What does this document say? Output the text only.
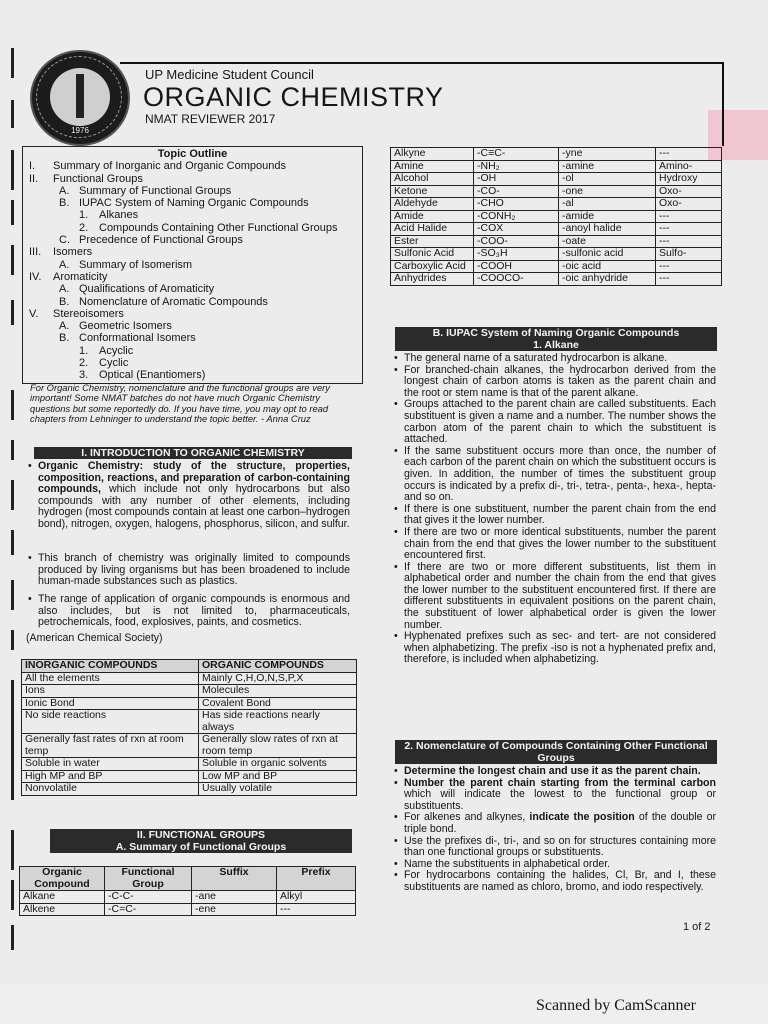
1976
UP Medicine Student Council
ORGANIC CHEMISTRY
NMAT REVIEWER 2017
Topic Outline
I. Summary of Inorganic and Organic Compounds
II. Functional Groups
A. Summary of Functional Groups
B. IUPAC System of Naming Organic Compounds
1. Alkanes
2. Compounds Containing Other Functional Groups
C. Precedence of Functional Groups
III. Isomers
A. Summary of Isomerism
IV. Aromaticity
A. Qualifications of Aromaticity
B. Nomenclature of Aromatic Compounds
V. Stereoisomers
A. Geometric Isomers
B. Conformational Isomers
1. Acyclic
2. Cyclic
3. Optical (Enantiomers)
For Organic Chemistry, nomenclature and the functional groups are very important! Some NMAT batches do not have much Organic Chemistry questions but some reportedly do. If you have time, you may opt to read chapters from Lehninger to understand the topic better. - Anna Cruz
I. INTRODUCTION TO ORGANIC CHEMISTRY
• Organic Chemistry: study of the structure, properties, composition, reactions, and preparation of carbon-containing compounds, which include not only hydrocarbons but also compounds with any number of other elements, including hydrogen (most compounds contain at least one carbon–hydrogen bond), nitrogen, oxygen, halogens, phosphorus, silicon, and sulfur.
• This branch of chemistry was originally limited to compounds produced by living organisms but has been broadened to include human-made substances such as plastics.
• The range of application of organic compounds is enormous and also includes, but is not limited to, pharmaceuticals, petrochemicals, food, explosives, paints, and cosmetics.
(American Chemical Society)
INORGANIC COMPOUNDS	ORGANIC COMPOUNDS
All the elements	Mainly C,H,O,N,S,P,X
Ions	Molecules
Ionic Bond	Covalent Bond
No side reactions	Has side reactions nearly always
Generally fast rates of rxn at room temp	Generally slow rates of rxn at room temp
Soluble in water	Soluble in organic solvents
High MP and BP	Low MP and BP
Nonvolatile	Usually volatile
II. FUNCTIONAL GROUPS
A. Summary of Functional Groups
Organic Compound	Functional Group	Suffix	Prefix
Alkane	-C-C-	-ane	Alkyl
Alkene	-C=C-	-ene	---
Alkyne	-C≡C-	-yne	---
Amine	-NH₂	-amine	Amino-
Alcohol	-OH	-ol	Hydroxy
Ketone	-CO-	-one	Oxo-
Aldehyde	-CHO	-al	Oxo-
Amide	-CONH₂	-amide	---
Acid Halide	-COX	-anoyl halide	---
Ester	-COO-	-oate	---
Sulfonic Acid	-SO₃H	-sulfonic acid	Sulfo-
Carboxylic Acid	-COOH	-oic acid	---
Anhydrides	-COOCO-	-oic anhydride	---
B. IUPAC System of Naming Organic Compounds
1. Alkane
• The general name of a saturated hydrocarbon is alkane.
• For branched-chain alkanes, the hydrocarbon derived from the longest chain of carbon atoms is taken as the parent chain and the root or stem name is that of the parent alkane.
• Groups attached to the parent chain are called substituents. Each substituent is given a name and a number. The number shows the carbon atom of the parent chain to which the substituent is attached.
• If the same substituent occurs more than once, the number of each carbon of the parent chain on which the substituent occurs is given. In addition, the number of times the substituent group occurs is indicated by a prefix di-, tri-, tetra-, penta-, hexa-, hepta- and so on.
• If there is one substituent, number the parent chain from the end that gives it the lower number.
• If there are two or more identical substituents, number the parent chain from the end that gives the lower number to the substituent encountered first.
• If there are two or more different substituents, list them in alphabetical order and number the chain from the end that gives the lower number to the substituent encountered first. If there are different substituents in equivalent positions on the parent chain, the substituent of lower alphabetical order is given the lower number.
• Hyphenated prefixes such as sec- and tert- are not considered when alphabetizing. The prefix -iso is not a hyphenated prefix and, therefore, is included when alphabetizing.
2. Nomenclature of Compounds Containing Other Functional Groups
• Determine the longest chain and use it as the parent chain.
• Number the parent chain starting from the terminal carbon which will indicate the lowest to the functional group or substituents.
• For alkenes and alkynes, indicate the position of the double or triple bond.
• Use the prefixes di-, tri-, and so on for structures containing more than one functional groups or substituents.
• Name the substituents in alphabetical order.
• For hydrocarbons containing the halides, Cl, Br, and I, these substituents are named as chloro, bromo, and iodo respectively.
1 of 2
Scanned by CamScanner
